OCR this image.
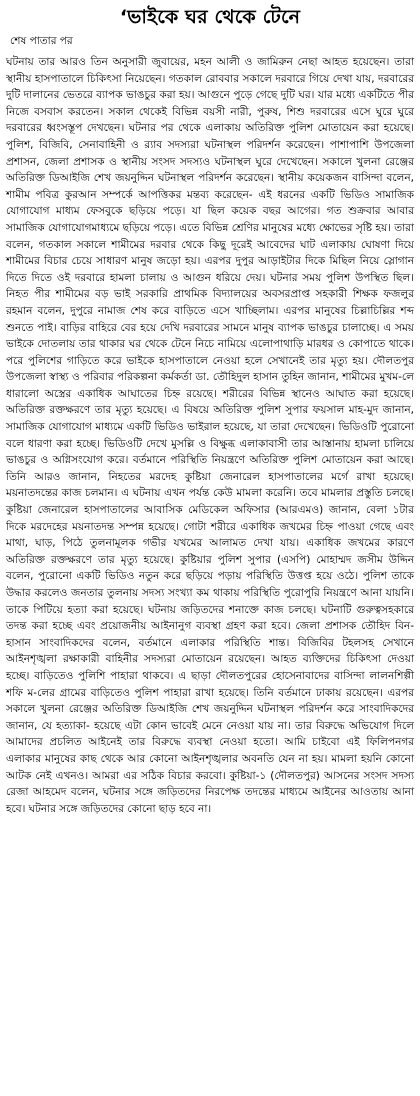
‘ভাইকে ঘর থেকে টেনে
শেষ পাতার পর

ঘটনায় তার আরও তিন অনুসারী জুবায়ের, মহন আলী ও জামিরুন নেছা আহত হয়েছেন। তারা স্থানীয় হাসপাতালে চিকিৎসা নিয়েছেন। গতকাল রোববার সকালে দরবারে গিয়ে দেখা যায়, দরবারের দুটি দালানের ভেতরে ব্যাপক ভাঙচুর করা হয়। আগুনে পুড়ে গেছে দুটি ঘর। যার মধ্যে একটিতে পীর নিজে বসবাস করতেন। সকাল থেকেই বিভিন্ন বয়সী নারী, পুরুষ, শিশু দরবারের এসে ঘুরে ঘুরে দরবারের ধ্বংসস্তূপ দেখছেন। ঘটনার পর থেকে এলাকায় অতিরিক্ত পুলিশ মোতায়েন করা হয়েছে। পুলিশ, বিজিবি, সেনাবাহিনী ও র‍্যাব সদস্যরা ঘটনাস্থল পরিদর্শন করেছেন। পাশাপাশি উপজেলা প্রশাসন, জেলা প্রশাসক ও স্থানীয় সংসদ সদস্যও ঘটনাস্থল ঘুরে দেখেছেন। সকালে খুলনা রেঞ্জের অতিরিক্ত ডিআইজি শেখ জয়নুদ্দিন ঘটনাস্থল পরিদর্শন করেছেন। স্থানীয় কয়েকজন বাসিন্দা বলেন, শামীম পবিত্র কুরআন সম্পর্কে আপত্তিকর মন্তব্য করেছেন- এই ধরনের একটি ভিডিও সামাজিক যোগাযোগ মাধ্যম ফেসবুকে ছড়িয়ে পড়ে। যা ছিল কয়েক বছর আগের। গত শুক্রবার আবার সামাজিক যোগাযোগমাধ্যমে ছড়িয়ে পড়ে। এতে বিভিন্ন শ্রেণির মানুষের মধ্যে ক্ষোভের সৃষ্টি হয়। তারা বলেন, গতকাল সকালে শামীমের দরবার থেকে কিছু দূরেই আবেদের ঘাট এলাকায় ঘোষণা দিয়ে শামীমের বিচার চেয়ে সাধারণ মানুষ জড়ো হয়। এরপর দুপুর আড়াইটার দিকে মিছিল নিয়ে স্লোগান দিতে দিতে ওই দরবারে হামলা চালায় ও আগুন ধরিয়ে দেয়। ঘটনার সময় পুলিশ উপস্থিত ছিল। নিহত পীর শামীমের বড় ভাই সরকারি প্রাথমিক বিদ্যালয়ের অবসরপ্রাপ্ত সহকারী শিক্ষক ফজলুর রহমান বলেন, দুপুরে নামাজ শেষ করে বাড়িতে এসে খাচ্ছিলাম। এরপর মানুষের চিল্লাচিল্লির শব্দ শুনতে পাই। বাড়ির বাহিরে বের হয়ে দেখি দরবারের সামনে মানুষ ব্যাপক ভাঙচুর চালাচ্ছে। এ সময় ভাইকে দোতলায় তার থাকার ঘর থেকে টেনে নিচে নামিয়ে এলোপাথাড়ি মারধর ও কোপাতে থাকে। পরে পুলিশের গাড়িতে করে ভাইকে হাসপাতালে নেওয়া হলে সেখানেই তার মৃত্যু হয়। দৌলতপুর উপজেলা স্বাস্থ্য ও পরিবার পরিকল্পনা কর্মকর্তা ডা. তৌহিদুল হাসান তুহিন জানান, শামীমের মুখম-লে ধারালো অস্ত্রের একাধিক আঘাতের চিহ্ন রয়েছে। শরীরের বিভিন্ন স্থানেও আঘাত করা হয়েছে। অতিরিক্ত রক্তক্ষরণে তার মৃত্যু হয়েছে। এ বিষয়ে অতিরিক্ত পুলিশ সুপার ফয়সাল মাহ-মুদ জানান, সামাজিক যোগাযোগ মাধ্যমে একটি ভিডিও ভাইরাল হয়েছে, যা তারা দেখেছেন। ভিডিওটি পুরোনো বলে ধারণা করা হচ্ছে। ভিডিওটি দেখে মুসল্লি ও বিক্ষুব্ধ এলাকাবাসী তার আস্তানায় হামলা চালিয়ে ভাঙচুর ও অগ্নিসংযোগ করে। বর্তমানে পরিস্থিতি নিয়ন্ত্রণে অতিরিক্ত পুলিশ মোতায়েন করা আছে। তিনি আরও জানান, নিহতের মরদেহ কুষ্টিয়া জেনারেল হাসপাতালের মর্গে রাখা হয়েছে। ময়নাতদন্তের কাজ চলমান। এ ঘটনায় এখন পর্যন্ত কেউ মামলা করেনি। তবে মামলার প্রস্তুতি চলছে। কুষ্টিয়া জেনারেল হাসপাতালের আবাসিক মেডিকেল অফিসার (আরএমও) জানান, বেলা ১টার দিকে মরদেহের ময়নাতদন্ত সম্পন্ন হয়েছে। গোটা শরীরে একাধিক জখমের চিহ্ন পাওয়া গেছে এবং মাথা, ঘাড়, পিঠে তুলনামূলক গভীর যখমের আলামত দেখা যায়। একাধিক জখমের কারণে অতিরিক্ত রক্তক্ষরণে তার মৃত্যু হয়েছে। কুষ্টিয়ার পুলিশ সুপার (এসপি) মোহাম্মদ জসীম উদ্দিন বলেন, পুরোনো একটি ভিডিও নতুন করে ছড়িয়ে পড়ায় পরিস্থিতি উত্তপ্ত হয়ে ওঠে। পুলিশ তাকে উদ্ধার করলেও জনতার তুলনায় সদস্য সংখ্যা কম থাকায় পরিস্থিতি পুরোপুরি নিয়ন্ত্রণে আনা যায়নি। তাকে পিটিয়ে হত্যা করা হয়েছে। ঘটনায় জড়িতদের শনাক্তে কাজ চলছে। ঘটনাটি গুরুত্বসহকারে তদন্ত করা হচ্ছে এবং প্রয়োজনীয় আইনানুগ ব্যবস্থা গ্রহণ করা হবে। জেলা প্রশাসক তৌহিদ বিন-হাসান সাংবাদিকদের বলেন, বর্তমানে এলাকার পরিস্থিতি শান্ত। বিজিবির টহলসহ সেখানে আইনশৃঙ্খলা রক্ষাকারী বাহিনীর সদস্যরা মোতায়েন রয়েছেন। আহত ব্যক্তিদের চিকিৎসা দেওয়া হচ্ছে। বাড়িতেও পুলিশি পাহারা থাকবে। এ ছাড়া দৌলতপুরের হোসেনাবাদের বাসিন্দা লালনশিল্পী শফি ম-লের গ্রামের বাড়িতেও পুলিশ পাহারা রাখা হয়েছে। তিনি বর্তমানে ঢাকায় রয়েছেন। এরপর সকালে খুলনা রেঞ্জের অতিরিক্ত ডিআইজি শেখ জয়নুদ্দিন ঘটনাস্থল পরিদর্শন করে সাংবাদিকদের জানান, যে হত্যাকা- হয়েছে এটা কোন ভাবেই মেনে নেওয়া যায় না। তার বিরুদ্ধে অভিযোগ দিলে আমাদের প্রচলিত আইনেই তার বিরুদ্ধে ব্যবস্থা নেওয়া হতো। আমি চাইবো এই ফিলিপনগর এলাকার মানুষের কাছ থেকে আর কোনো আইনশৃঙ্খলার অবনতি যেন না হয়। মামলা হয়নি কোনো আটক নেই এখনও। আমরা এর সঠিক বিচার করবো। কুষ্টিয়া-১ (দৌলতপুর) আসনের সংসদ সদস্য রেজা আহমেদ বলেন, ঘটনার সঙ্গে জড়িতদের নিরপেক্ষ তদন্তের মাধ্যমে আইনের আওতায় আনা হবে। ঘটনার সঙ্গে জড়িতদের কোনো ছাড় হবে না।
